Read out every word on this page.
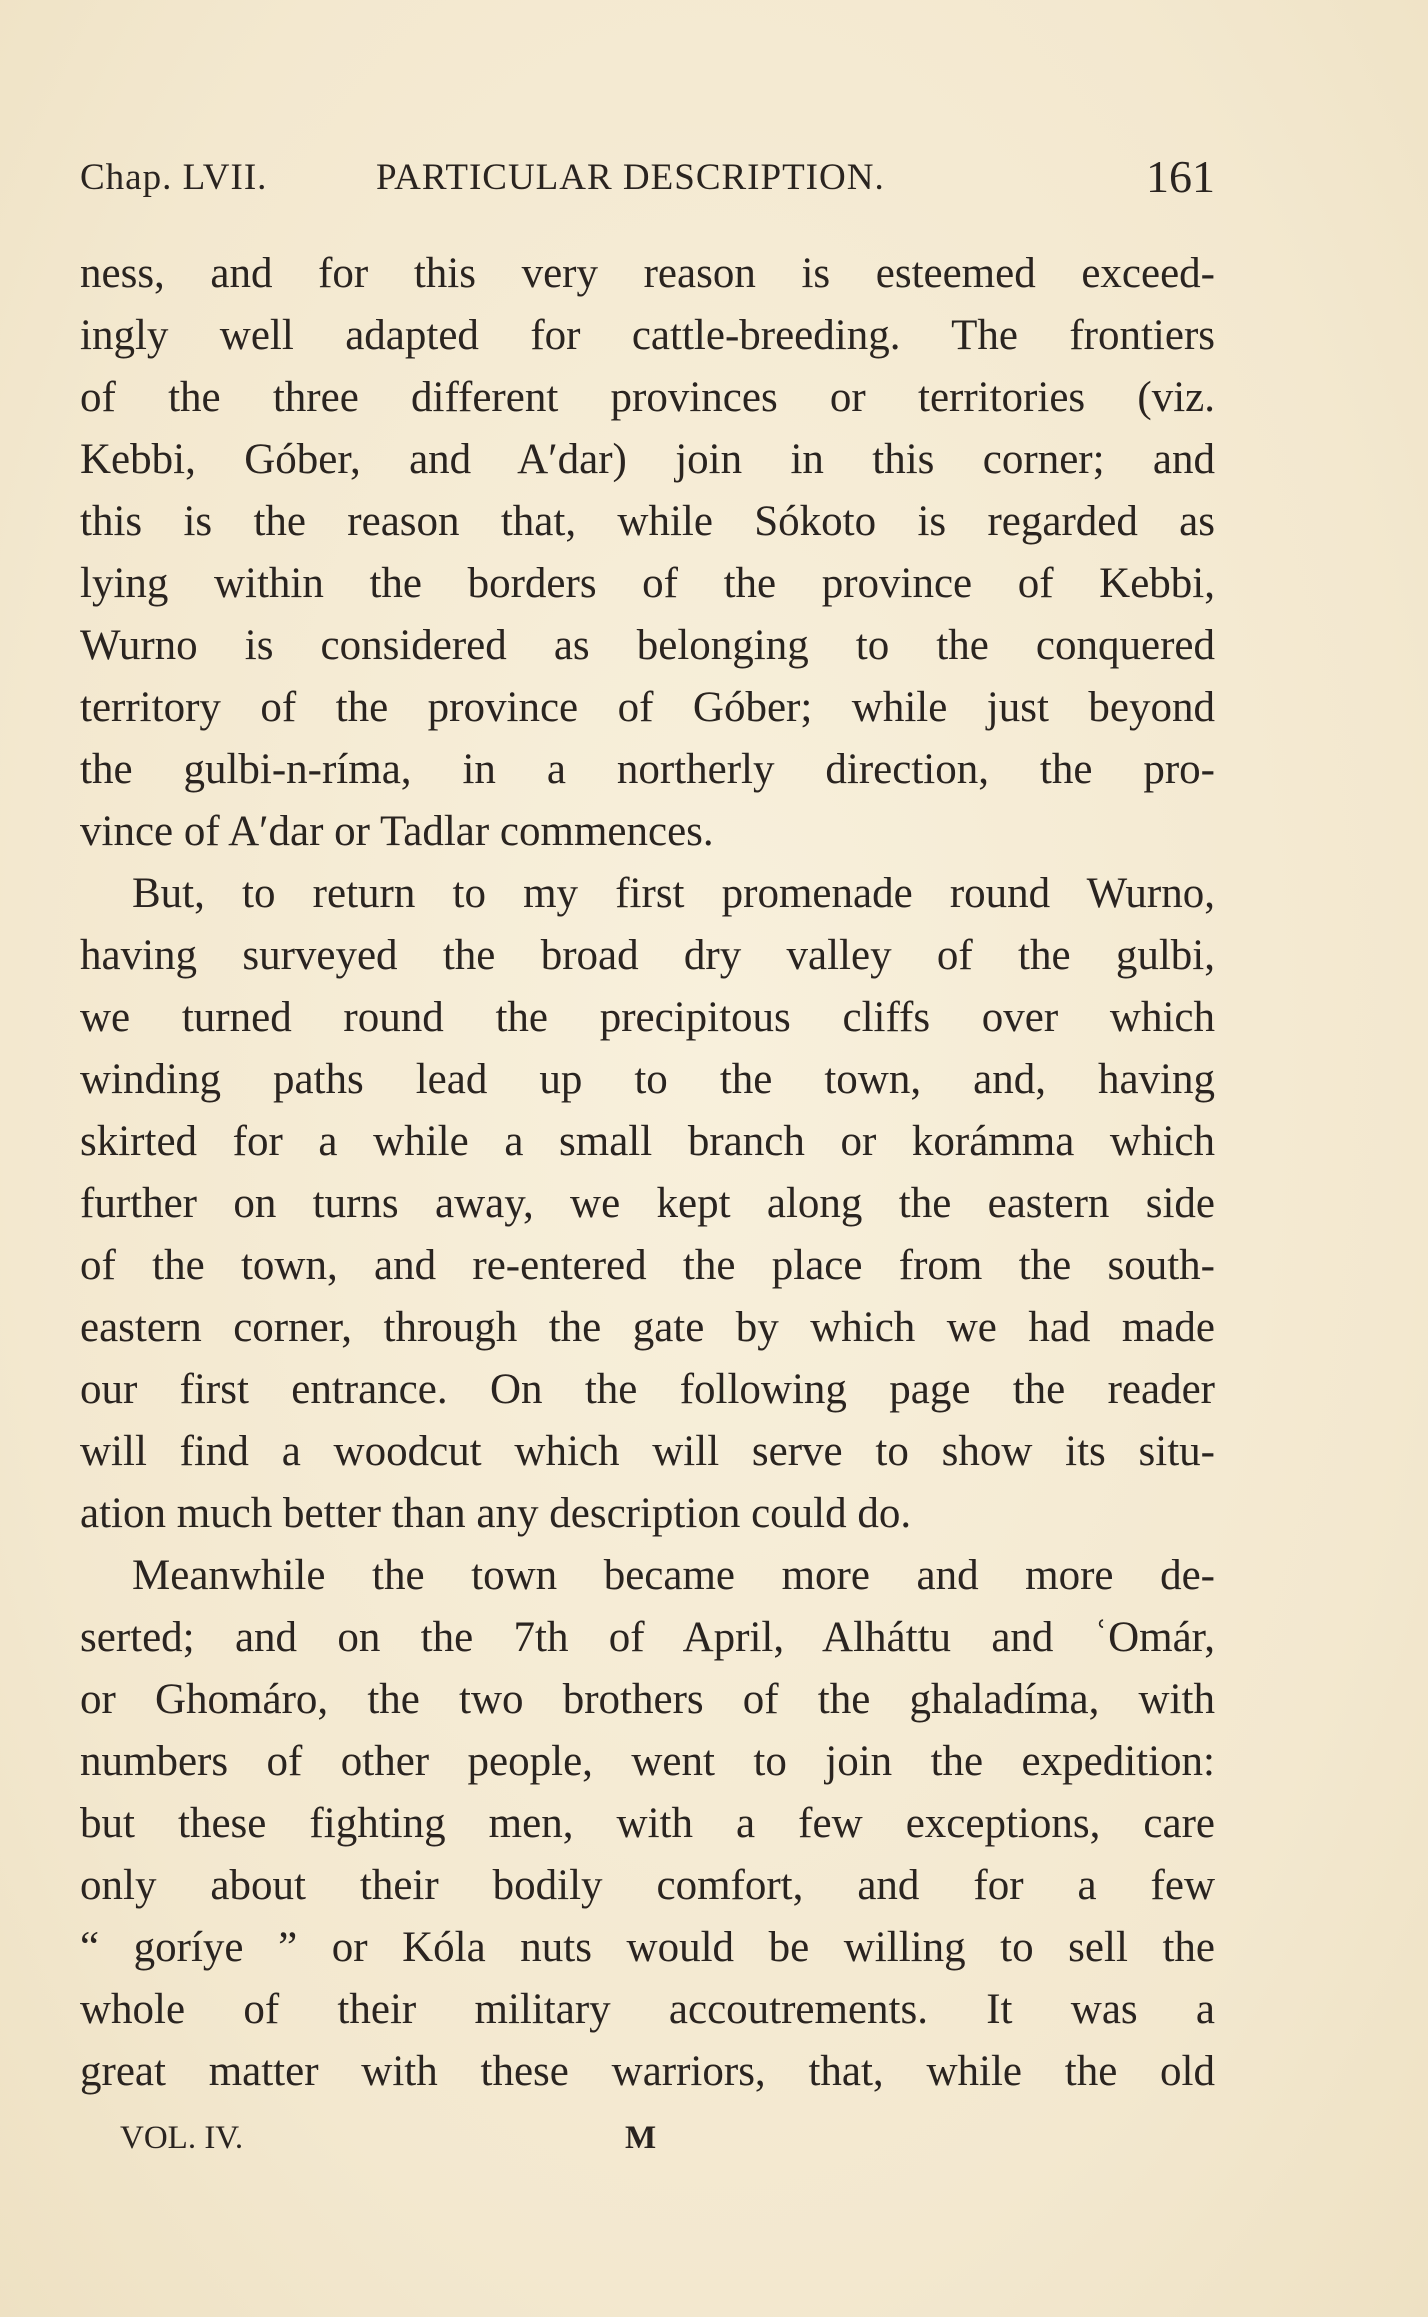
Chap. LVII.	PARTICULAR DESCRIPTION.	161
ness, and for this very reason is esteemed exceed-
ingly well adapted for cattle-breeding. The frontiers
of the three different provinces or territories (viz.
Kebbi, Góber, and A′dar) join in this corner; and
this is the reason that, while Sókoto is regarded as
lying within the borders of the province of Kebbi,
Wurno is considered as belonging to the conquered
territory of the province of Góber; while just beyond
the gulbi-n-ríma, in a northerly direction, the pro-
vince of A′dar or Tadlar commences.
But, to return to my first promenade round Wurno,
having surveyed the broad dry valley of the gulbi,
we turned round the precipitous cliffs over which
winding paths lead up to the town, and, having
skirted for a while a small branch or korámma which
further on turns away, we kept along the eastern side
of the town, and re-entered the place from the south-
eastern corner, through the gate by which we had made
our first entrance. On the following page the reader
will find a woodcut which will serve to show its situ-
ation much better than any description could do.
Meanwhile the town became more and more de-
serted; and on the 7th of April, Alháttu and ʿOmár,
or Ghomáro, the two brothers of the ghaladíma, with
numbers of other people, went to join the expedition:
but these fighting men, with a few exceptions, care
only about their bodily comfort, and for a few
“ goríye ” or Kóla nuts would be willing to sell the
whole of their military accoutrements. It was a
great matter with these warriors, that, while the old
VOL. IV.	M
